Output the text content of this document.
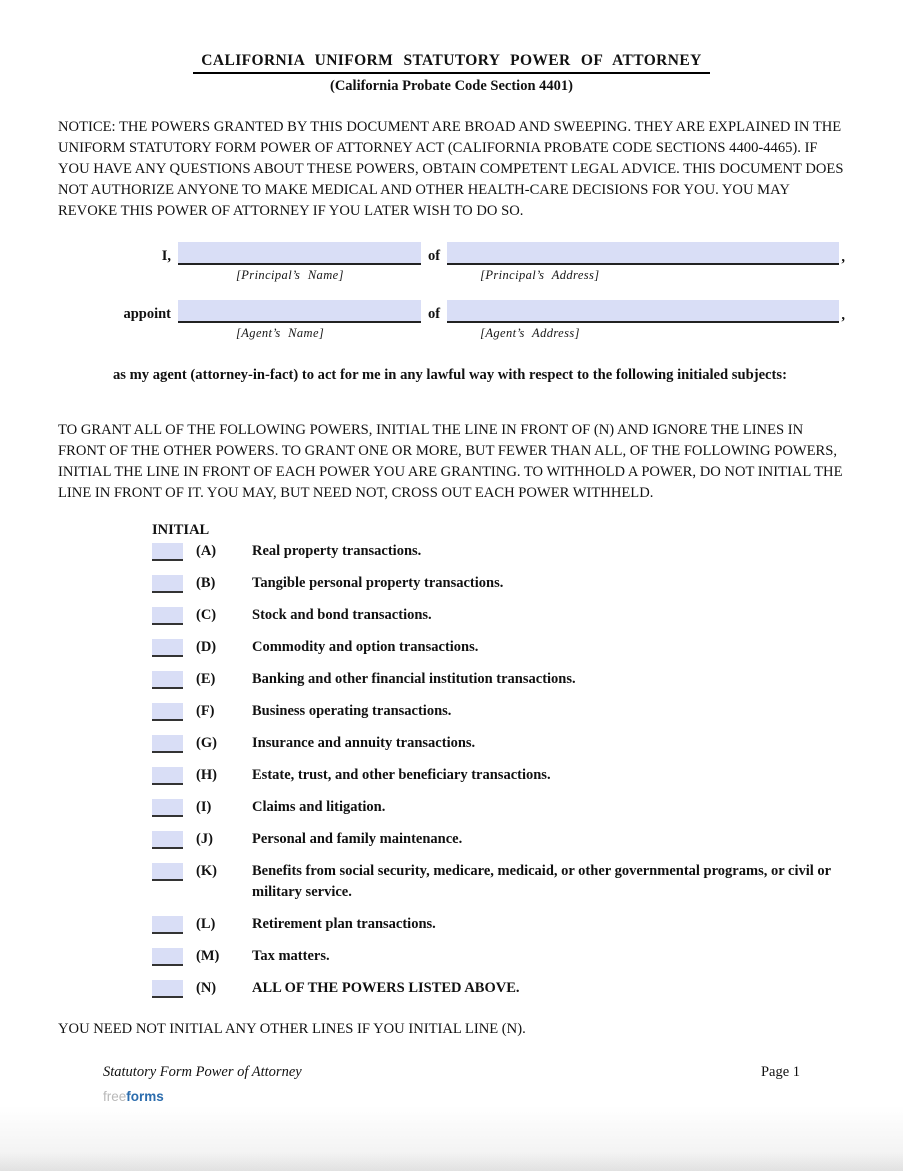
CALIFORNIA UNIFORM STATUTORY POWER OF ATTORNEY
(California Probate Code Section 4401)

NOTICE: THE POWERS GRANTED BY THIS DOCUMENT ARE BROAD AND SWEEPING. THEY ARE EXPLAINED IN THE UNIFORM STATUTORY FORM POWER OF ATTORNEY ACT (CALIFORNIA PROBATE CODE SECTIONS 4400-4465). IF YOU HAVE ANY QUESTIONS ABOUT THESE POWERS, OBTAIN COMPETENT LEGAL ADVICE. THIS DOCUMENT DOES NOT AUTHORIZE ANYONE TO MAKE MEDICAL AND OTHER HEALTH-CARE DECISIONS FOR YOU. YOU MAY REVOKE THIS POWER OF ATTORNEY IF YOU LATER WISH TO DO SO.

I,
[Principal’s Name]
of
[Principal’s Address]
,
appoint
[Agent’s Name]
of
[Agent’s Address]
,

as my agent (attorney-in-fact) to act for me in any lawful way with respect to the following initialed subjects:

TO GRANT ALL OF THE FOLLOWING POWERS, INITIAL THE LINE IN FRONT OF (N) AND IGNORE THE LINES IN FRONT OF THE OTHER POWERS. TO GRANT ONE OR MORE, BUT FEWER THAN ALL, OF THE FOLLOWING POWERS, INITIAL THE LINE IN FRONT OF EACH POWER YOU ARE GRANTING. TO WITHHOLD A POWER, DO NOT INITIAL THE LINE IN FRONT OF IT. YOU MAY, BUT NEED NOT, CROSS OUT EACH POWER WITHHELD.

INITIAL
(A)	Real property transactions.
(B)	Tangible personal property transactions.
(C)	Stock and bond transactions.
(D)	Commodity and option transactions.
(E)	Banking and other financial institution transactions.
(F)	Business operating transactions.
(G)	Insurance and annuity transactions.
(H)	Estate, trust, and other beneficiary transactions.
(I)	Claims and litigation.
(J)	Personal and family maintenance.
(K)	Benefits from social security, medicare, medicaid, or other governmental programs, or civil or military service.
(L)	Retirement plan transactions.
(M)	Tax matters.
(N)	ALL OF THE POWERS LISTED ABOVE.

YOU NEED NOT INITIAL ANY OTHER LINES IF YOU INITIAL LINE (N).

Statutory Form Power of Attorney	Page 1
freeforms
